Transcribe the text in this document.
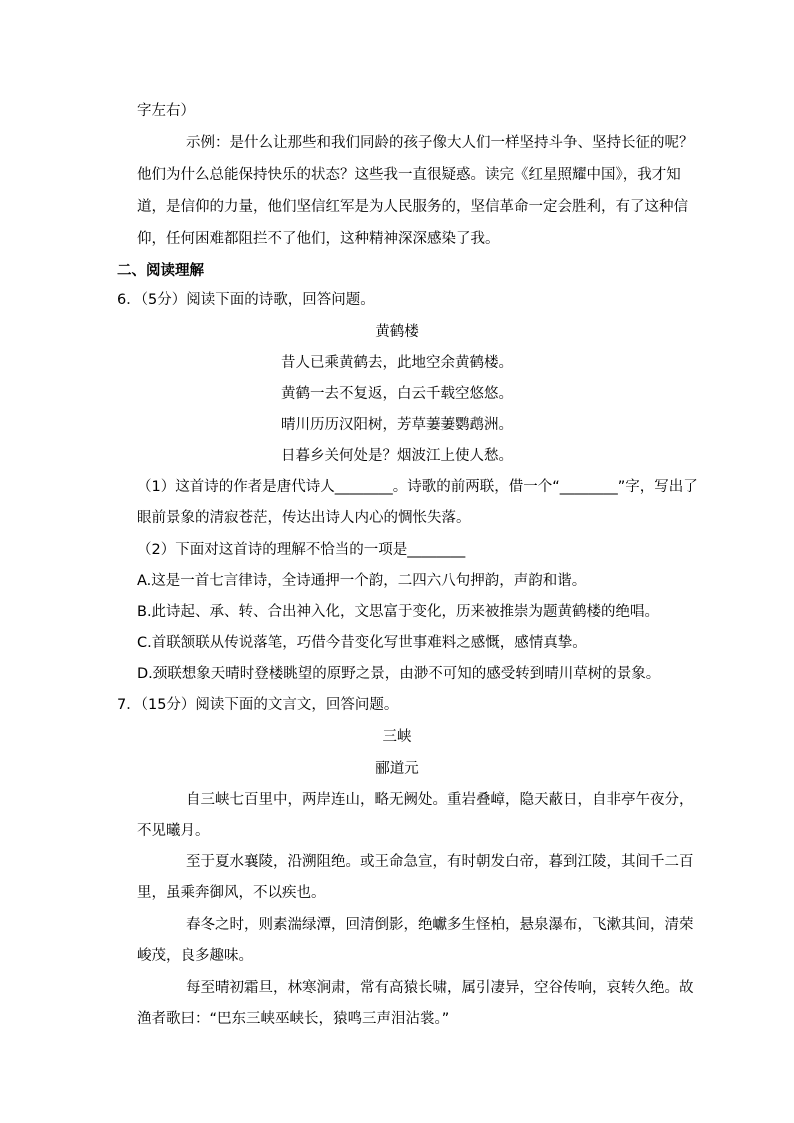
字左右）
示例：是什么让那些和我们同龄的孩子像大人们一样坚持斗争、坚持长征的呢？
他们为什么总能保持快乐的状态？这些我一直很疑惑。读完《红星照耀中国》，我才知
道，是信仰的力量，他们坚信红军是为人民服务的，坚信革命一定会胜利，有了这种信
仰，任何困难都阻拦不了他们，这种精神深深感染了我。
二、阅读理解
6．（5分）阅读下面的诗歌，回答问题。
黄鹤楼
昔人已乘黄鹤去，此地空余黄鹤楼。
黄鹤一去不复返，白云千载空悠悠。
晴川历历汉阳树，芳草萋萋鹦鹉洲。
日暮乡关何处是？烟波江上使人愁。
（1）这首诗的作者是唐代诗人________。诗歌的前两联，借一个“________”字，写出了
眼前景象的清寂苍茫，传达出诗人内心的惆怅失落。
（2）下面对这首诗的理解不恰当的一项是________
A.这是一首七言律诗，全诗通押一个韵，二四六八句押韵，声韵和谐。
B.此诗起、承、转、合出神入化，文思富于变化，历来被推崇为题黄鹤楼的绝唱。
C.首联颔联从传说落笔，巧借今昔变化写世事难料之感慨，感情真挚。
D.颈联想象天晴时登楼眺望的原野之景，由渺不可知的感受转到晴川草树的景象。
7．（15分）阅读下面的文言文，回答问题。
三峡
郦道元
自三峡七百里中，两岸连山，略无阙处。重岩叠嶂，隐天蔽日，自非亭午夜分，
不见曦月。
至于夏水襄陵，沿溯阻绝。或王命急宣，有时朝发白帝，暮到江陵，其间千二百
里，虽乘奔御风，不以疾也。
春冬之时，则素湍绿潭，回清倒影，绝巘多生怪柏，悬泉瀑布，飞漱其间，清荣
峻茂，良多趣味。
每至晴初霜旦，林寒涧肃，常有高猿长啸，属引凄异，空谷传响，哀转久绝。故
渔者歌曰：“巴东三峡巫峡长，猿鸣三声泪沾裳。”
